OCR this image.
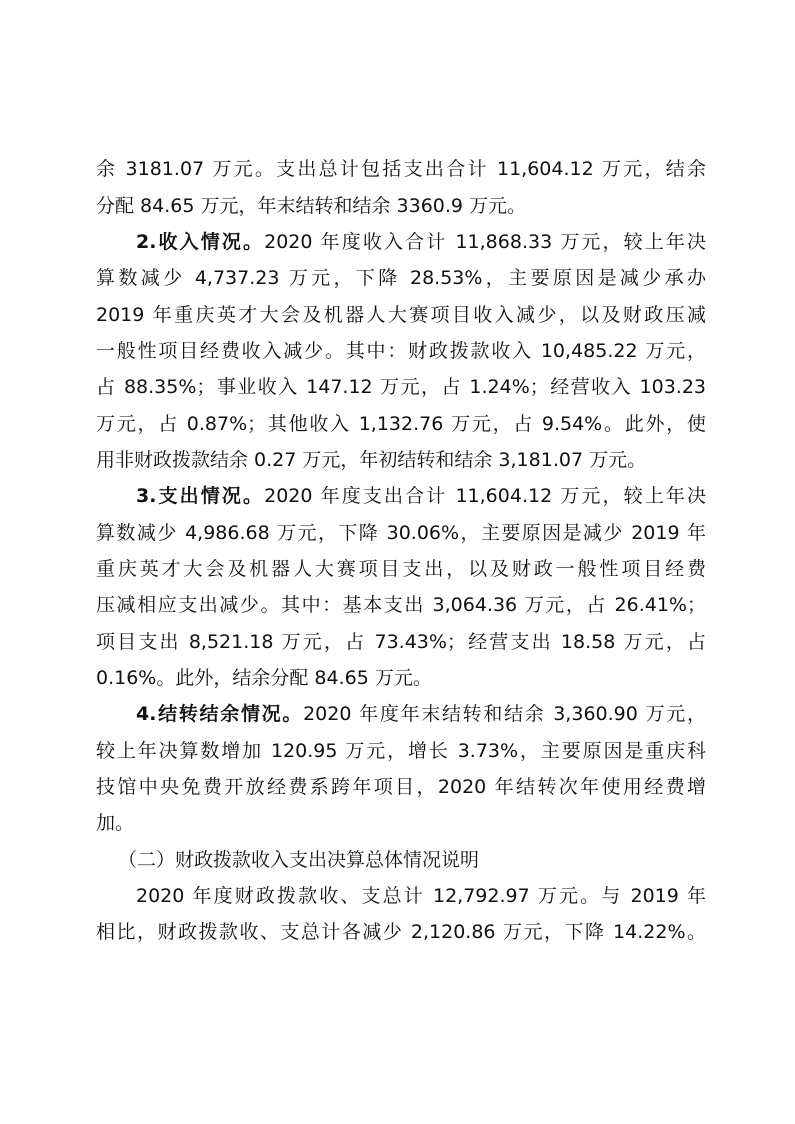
余 3181.07 万元。支出总计包括支出合计 11,604.12 万元，结余
分配 84.65 万元，年末结转和结余 3360.9 万元。
2.收入情况。2020 年度收入合计 11,868.33 万元，较上年决
算数减少 4,737.23 万元，下降 28.53%，主要原因是减少承办
2019 年重庆英才大会及机器人大赛项目收入减少，以及财政压减
一般性项目经费收入减少。其中：财政拨款收入 10,485.22 万元，
占 88.35%；事业收入 147.12 万元，占 1.24%；经营收入 103.23
万元，占 0.87%；其他收入 1,132.76 万元，占 9.54%。此外，使
用非财政拨款结余 0.27 万元，年初结转和结余 3,181.07 万元。
3.支出情况。2020 年度支出合计 11,604.12 万元，较上年决
算数减少 4,986.68 万元，下降 30.06%，主要原因是减少 2019 年
重庆英才大会及机器人大赛项目支出，以及财政一般性项目经费
压减相应支出减少。其中：基本支出 3,064.36 万元，占 26.41%；
项目支出 8,521.18 万元，占 73.43%；经营支出 18.58 万元，占
0.16%。此外，结余分配 84.65 万元。
4.结转结余情况。2020 年度年末结转和结余 3,360.90 万元，
较上年决算数增加 120.95 万元，增长 3.73%，主要原因是重庆科
技馆中央免费开放经费系跨年项目，2020 年结转次年使用经费增
加。
（二）财政拨款收入支出决算总体情况说明
2020 年度财政拨款收、支总计 12,792.97 万元。与 2019 年
相比，财政拨款收、支总计各减少 2,120.86 万元，下降 14.22%。
